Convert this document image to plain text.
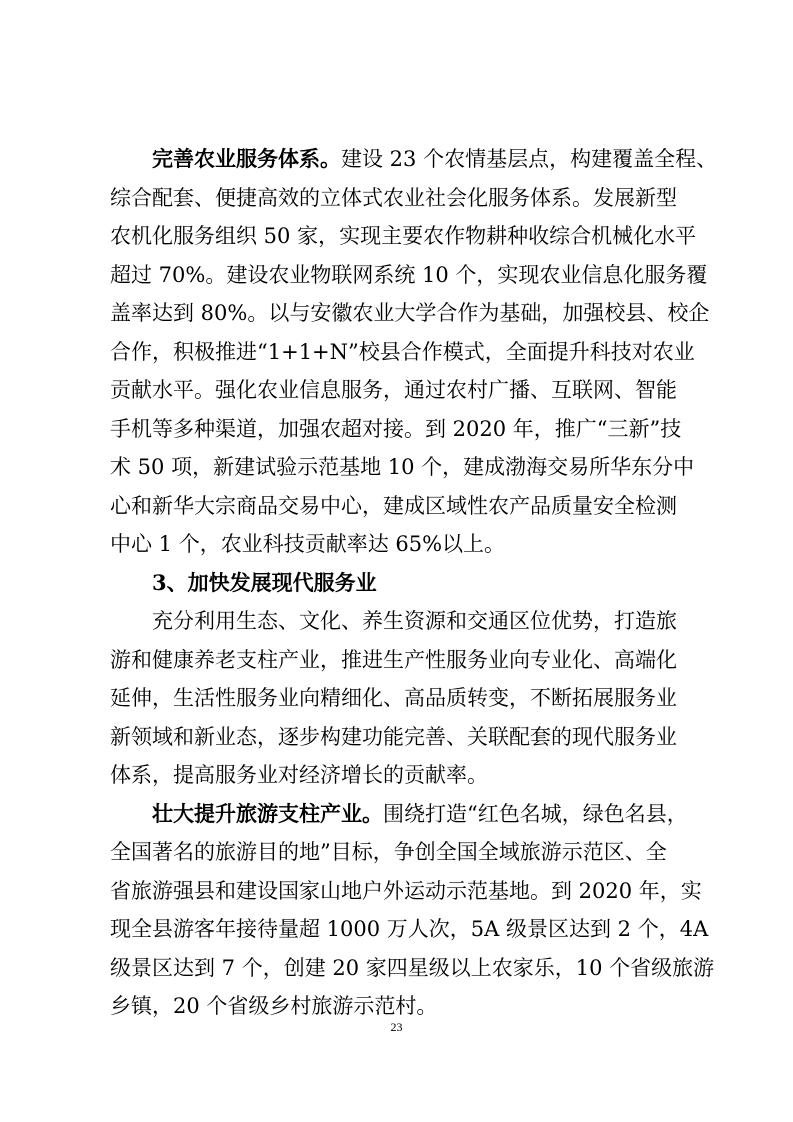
完善农业服务体系。建设 23 个农情基层点，构建覆盖全程、
综合配套、便捷高效的立体式农业社会化服务体系。发展新型
农机化服务组织 50 家，实现主要农作物耕种收综合机械化水平
超过 70%。建设农业物联网系统 10 个，实现农业信息化服务覆
盖率达到 80%。以与安徽农业大学合作为基础，加强校县、校企
合作，积极推进“1+1+N”校县合作模式，全面提升科技对农业
贡献水平。强化农业信息服务，通过农村广播、互联网、智能
手机等多种渠道，加强农超对接。到 2020 年，推广“三新”技
术 50 项，新建试验示范基地 10 个，建成渤海交易所华东分中
心和新华大宗商品交易中心，建成区域性农产品质量安全检测
中心 1 个，农业科技贡献率达 65%以上。
3、加快发展现代服务业
充分利用生态、文化、养生资源和交通区位优势，打造旅
游和健康养老支柱产业，推进生产性服务业向专业化、高端化
延伸，生活性服务业向精细化、高品质转变，不断拓展服务业
新领域和新业态，逐步构建功能完善、关联配套的现代服务业
体系，提高服务业对经济增长的贡献率。
壮大提升旅游支柱产业。围绕打造“红色名城，绿色名县，
全国著名的旅游目的地”目标，争创全国全域旅游示范区、全
省旅游强县和建设国家山地户外运动示范基地。到 2020 年，实
现全县游客年接待量超 1000 万人次，5A 级景区达到 2 个，4A
级景区达到 7 个，创建 20 家四星级以上农家乐，10 个省级旅游
乡镇，20 个省级乡村旅游示范村。
23
